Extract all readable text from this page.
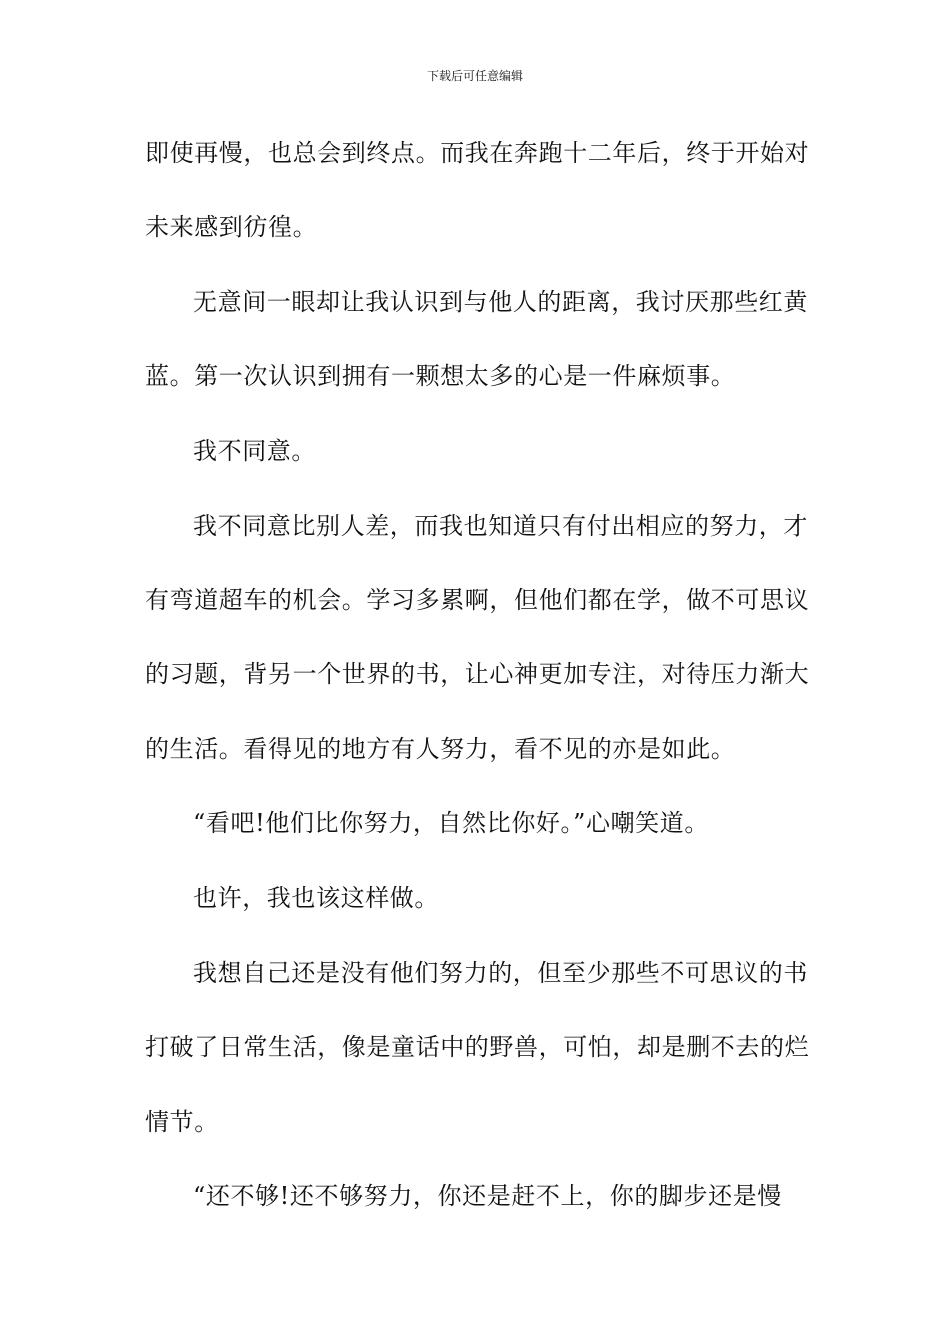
下载后可任意编辑
即使再慢，也总会到终点。而我在奔跑十二年后，终于开始对
未来感到彷徨。
无意间一眼却让我认识到与他人的距离，我讨厌那些红黄
蓝。第一次认识到拥有一颗想太多的心是一件麻烦事。
我不同意。
我不同意比别人差，而我也知道只有付出相应的努力，才
有弯道超车的机会。学习多累啊，但他们都在学，做不可思议
的习题，背另一个世界的书，让心神更加专注，对待压力渐大
的生活。看得见的地方有人努力，看不见的亦是如此。
“看吧!他们比你努力，自然比你好。”心嘲笑道。
也许，我也该这样做。
我想自己还是没有他们努力的，但至少那些不可思议的书
打破了日常生活，像是童话中的野兽，可怕，却是删不去的烂
情节。
“还不够!还不够努力，你还是赶不上，你的脚步还是慢
